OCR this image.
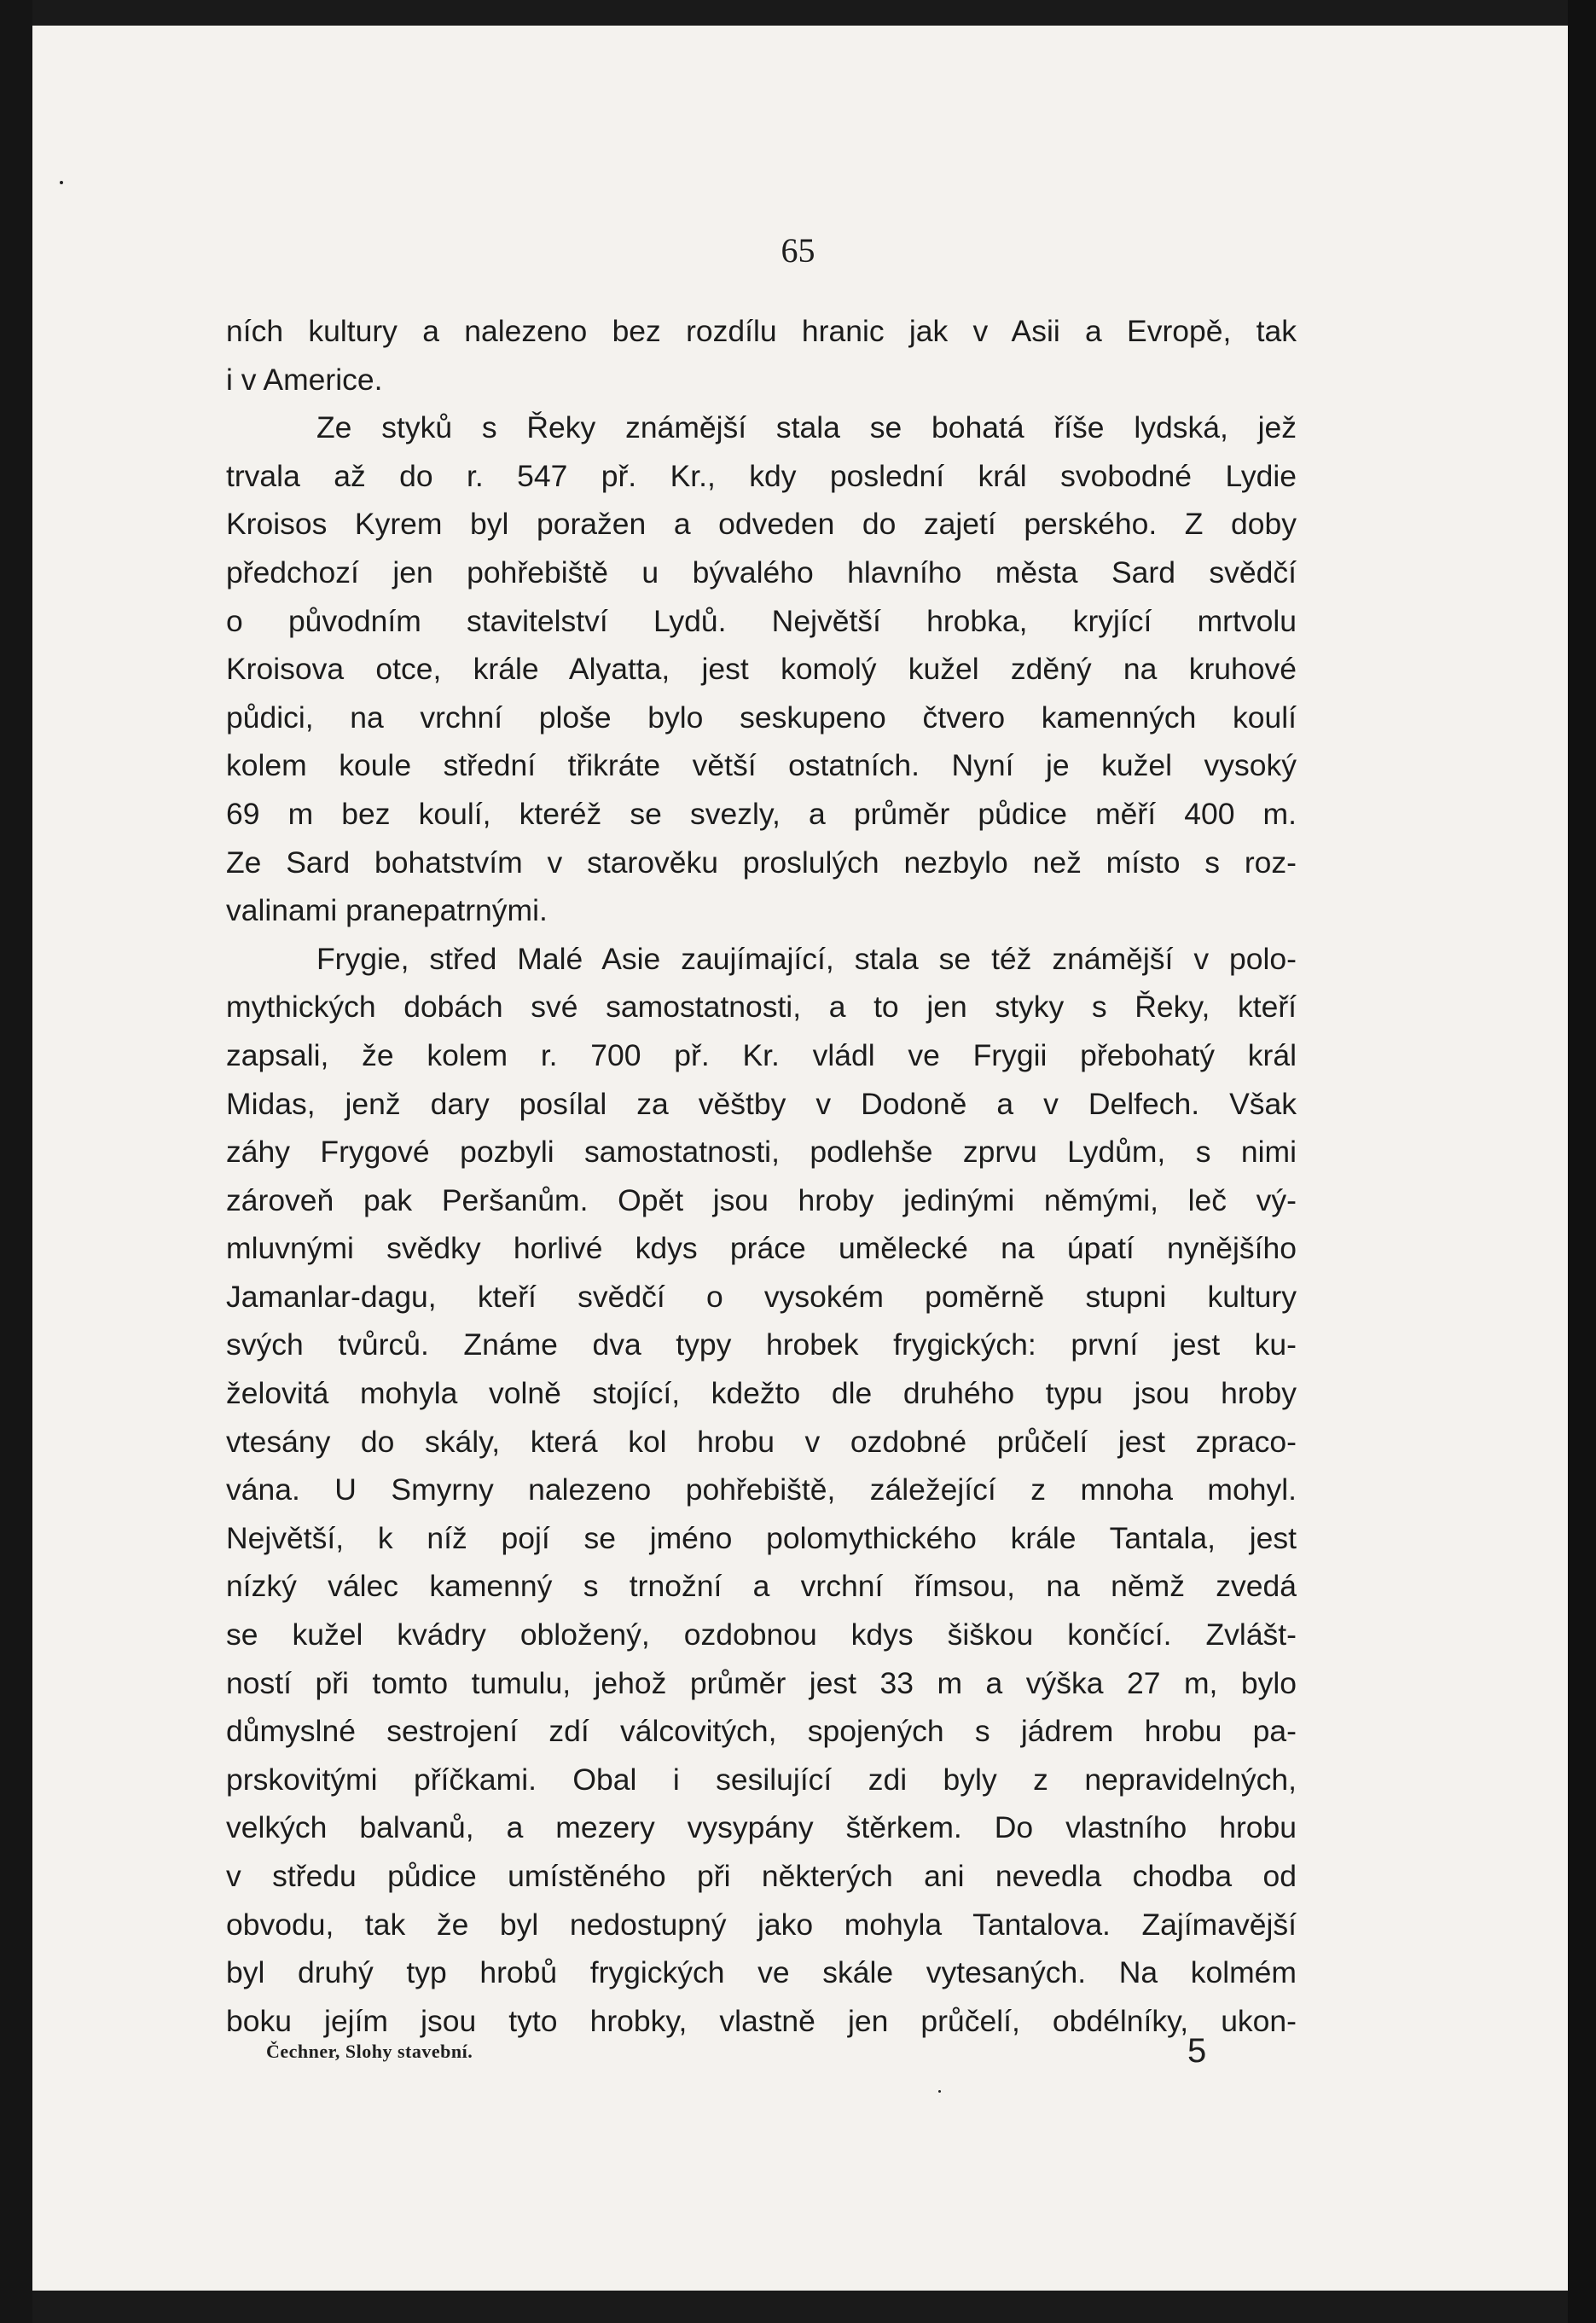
65
ních kultury a nalezeno bez rozdílu hranic jak v Asii a Evropě, tak
i v Americe.
Ze styků s Řeky známější stala se bohatá říše lydská, jež
trvala až do r. 547 př. Kr., kdy poslední král svobodné Lydie
Kroisos Kyrem byl poražen a odveden do zajetí perského. Z doby
předchozí jen pohřebiště u bývalého hlavního města Sard svědčí
o původním stavitelství Lydů. Největší hrobka, kryjící mrtvolu
Kroisova otce, krále Alyatta, jest komolý kužel zděný na kruhové
půdici, na vrchní ploše bylo seskupeno čtvero kamenných koulí
kolem koule střední třikráte větší ostatních. Nyní je kužel vysoký
69 m bez koulí, kteréž se svezly, a průměr půdice měří 400 m.
Ze Sard bohatstvím v starověku proslulých nezbylo než místo s roz-
valinami pranepatrnými.
Frygie, střed Malé Asie zaujímající, stala se též známější v polo-
mythických dobách své samostatnosti, a to jen styky s Řeky, kteří
zapsali, že kolem r. 700 př. Kr. vládl ve Frygii přebohatý král
Midas, jenž dary posílal za věštby v Dodoně a v Delfech. Však
záhy Frygové pozbyli samostatnosti, podlehše zprvu Lydům, s nimi
zároveň pak Peršanům. Opět jsou hroby jedinými němými, leč vý-
mluvnými svědky horlivé kdys práce umělecké na úpatí nynějšího
Jamanlar-dagu, kteří svědčí o vysokém poměrně stupni kultury
svých tvůrců. Známe dva typy hrobek frygických: první jest ku-
želovitá mohyla volně stojící, kdežto dle druhého typu jsou hroby
vtesány do skály, která kol hrobu v ozdobné průčelí jest zpraco-
vána. U Smyrny nalezeno pohřebiště, záležející z mnoha mohyl.
Největší, k níž pojí se jméno polomythického krále Tantala, jest
nízký válec kamenný s trnožní a vrchní římsou, na němž zvedá
se kužel kvádry obložený, ozdobnou kdys šiškou končící. Zvlášt-
ností při tomto tumulu, jehož průměr jest 33 m a výška 27 m, bylo
důmyslné sestrojení zdí válcovitých, spojených s jádrem hrobu pa-
prskovitými příčkami. Obal i sesilující zdi byly z nepravidelných,
velkých balvanů, a mezery vysypány štěrkem. Do vlastního hrobu
v středu půdice umístěného při některých ani nevedla chodba od
obvodu, tak že byl nedostupný jako mohyla Tantalova. Zajímavější
byl druhý typ hrobů frygických ve skále vytesaných. Na kolmém
boku jejím jsou tyto hrobky, vlastně jen průčelí, obdélníky, ukon-
Čechner, Slohy stavební.	5
